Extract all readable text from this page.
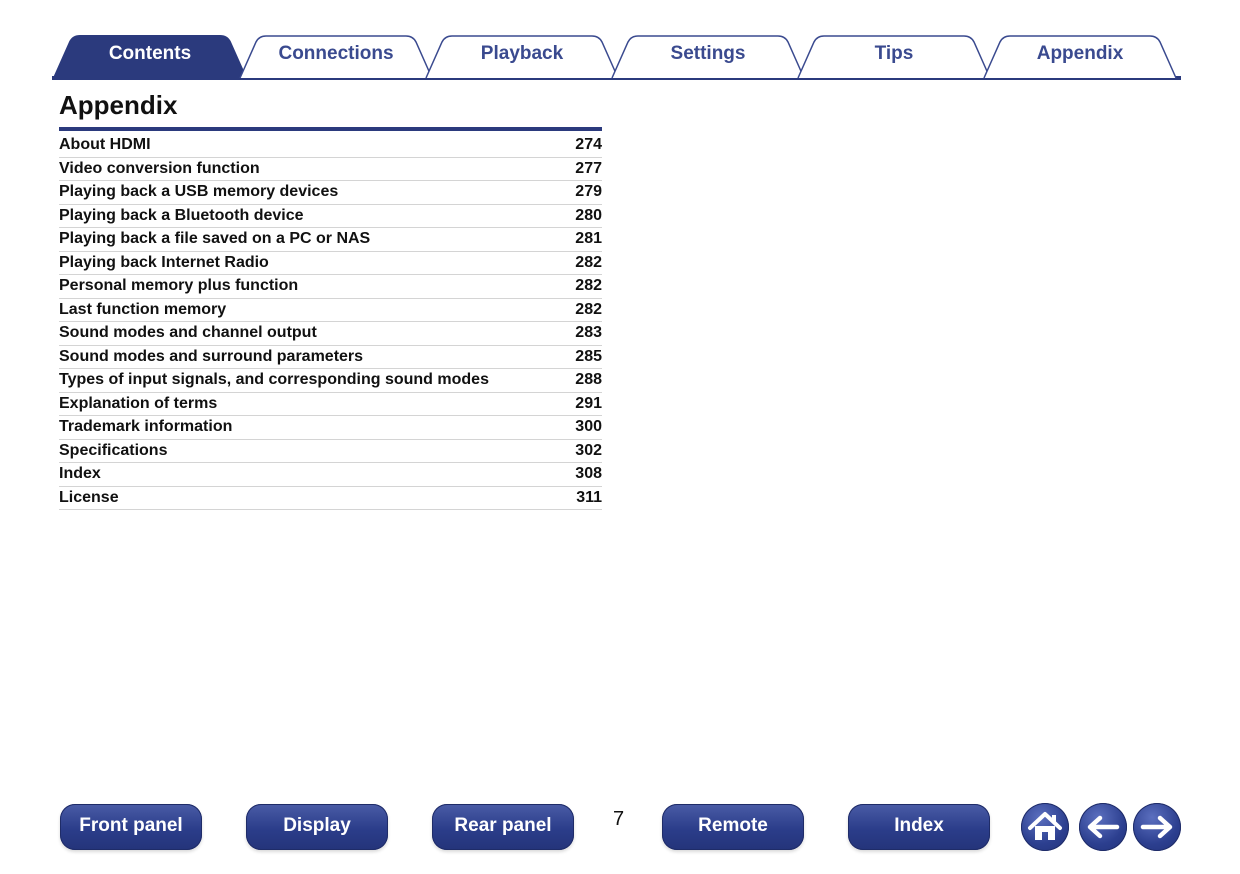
Contents	Connections	Playback	Settings	Tips	Appendix
Appendix
About HDMI	274
Video conversion function	277
Playing back a USB memory devices	279
Playing back a Bluetooth device	280
Playing back a file saved on a PC or NAS	281
Playing back Internet Radio	282
Personal memory plus function	282
Last function memory	282
Sound modes and channel output	283
Sound modes and surround parameters	285
Types of input signals, and corresponding sound modes	288
Explanation of terms	291
Trademark information	300
Specifications	302
Index	308
License	311
Front panel	Display	Rear panel	7	Remote	Index
